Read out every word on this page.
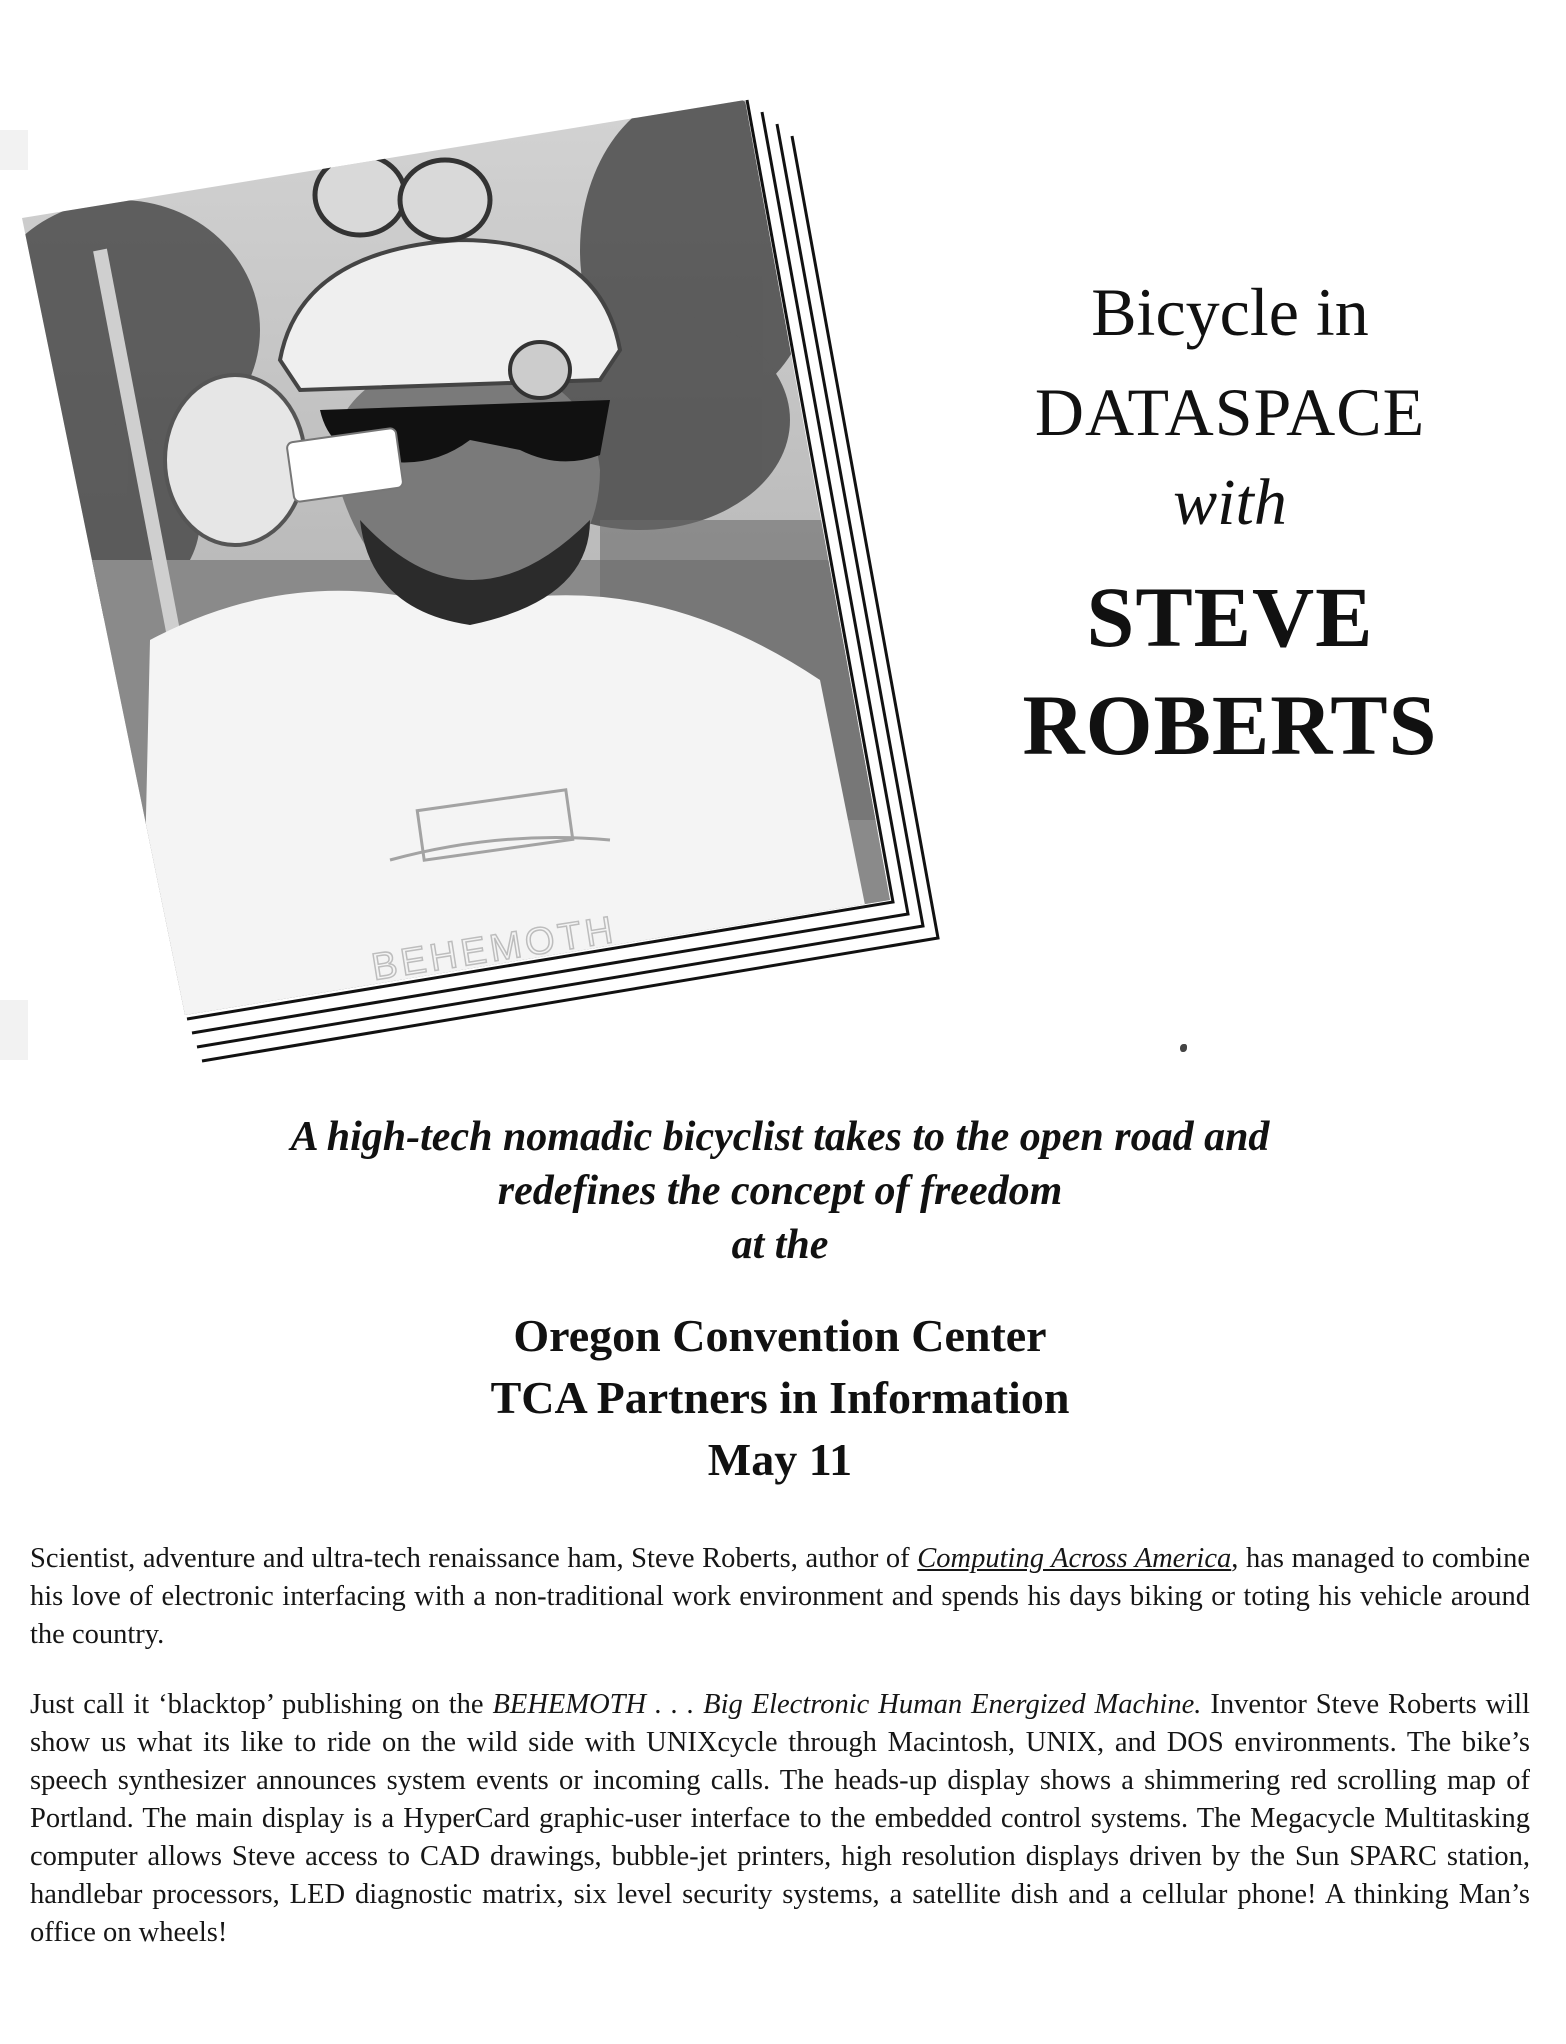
BEHEMOTH
Bicycle in
DATASPACE
with
STEVE
ROBERTS
A high-tech nomadic bicyclist takes to the open road and
redefines the concept of freedom
at the
Oregon Convention Center
TCA Partners in Information
May 11

Scientist, adventure and ultra-tech renaissance ham, Steve Roberts, author of Computing Across America, has managed to combine his love of electronic interfacing with a non-traditional work environment and spends his days biking or toting his vehicle around the country.

Just call it ‘blacktop’ publishing on the BEHEMOTH . . . Big Electronic Human Energized Machine. Inventor Steve Roberts will show us what its like to ride on the wild side with UNIXcycle through Macintosh, UNIX, and DOS environments. The bike’s speech synthesizer announces system events or incoming calls. The heads-up display shows a shimmering red scrolling map of Portland. The main display is a HyperCard graphic-user interface to the embedded control systems. The Megacycle Multitasking computer allows Steve access to CAD drawings, bubble-jet printers, high resolution displays driven by the Sun SPARC station, handlebar processors, LED diagnostic matrix, six level security systems, a satellite dish and a cellular phone! A thinking Man’s office on wheels!
